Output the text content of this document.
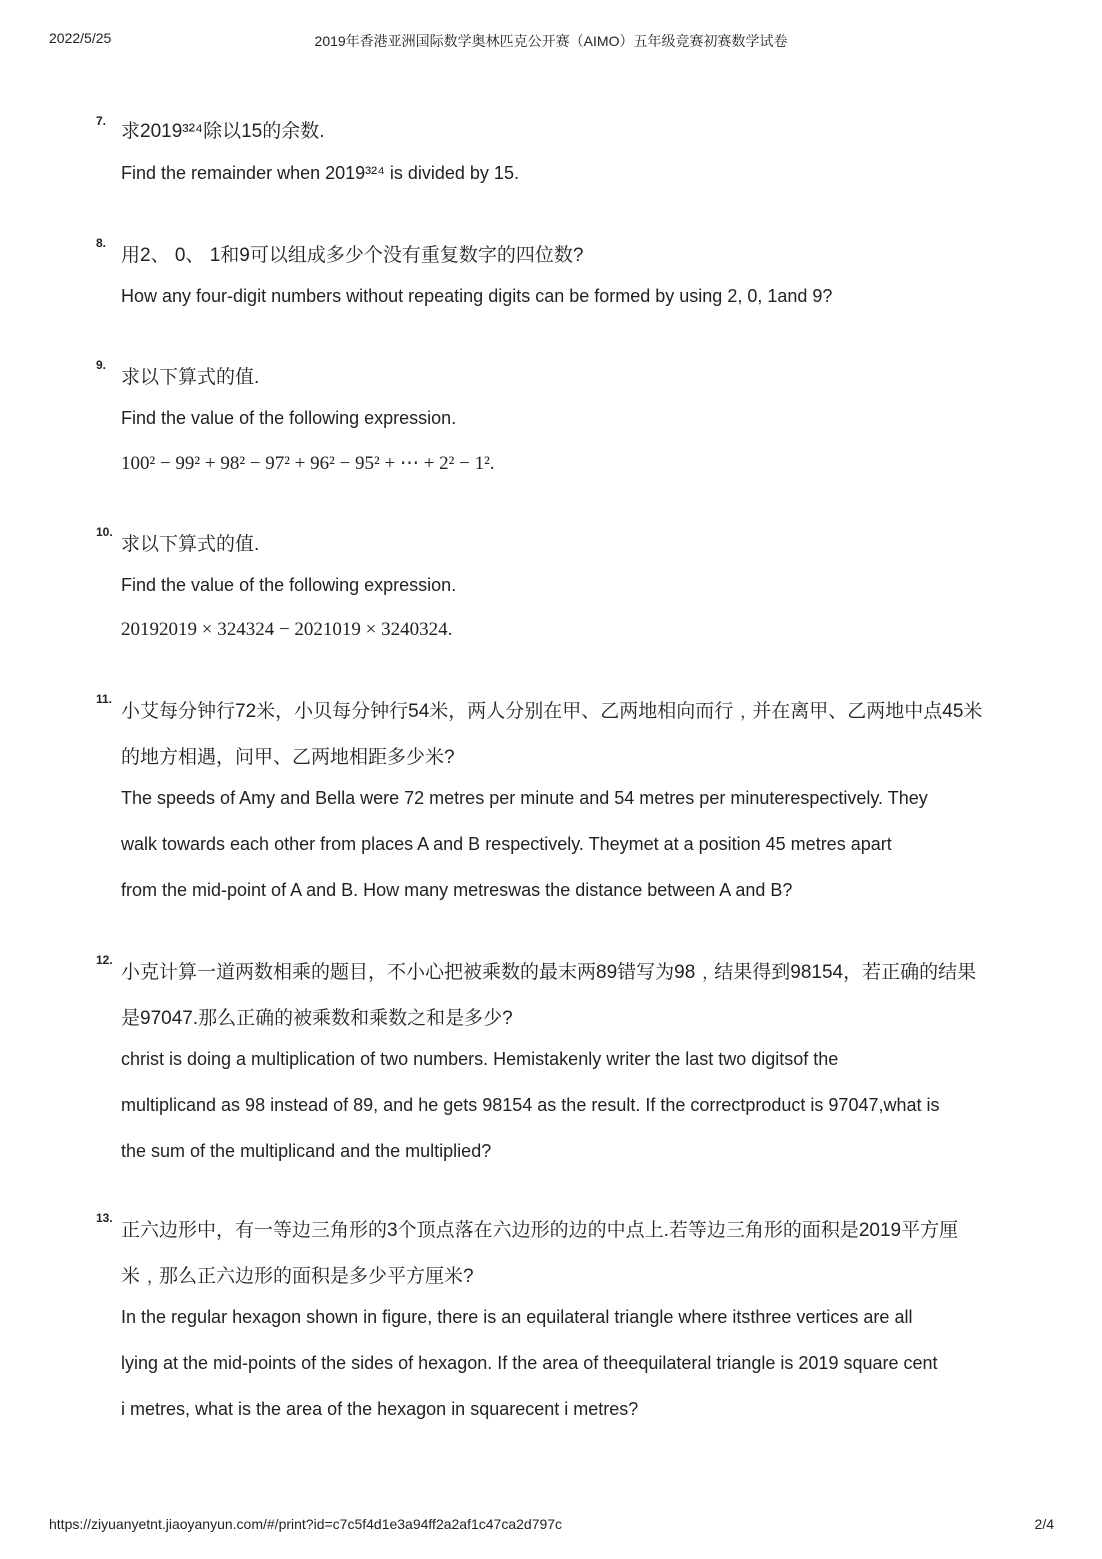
2022/5/25	2019年香港亚洲国际数学奥林匹克公开赛（AIMO）五年级竞赛初赛数学试卷
7. 求2019³²⁴除以15的余数.
Find the remainder when 2019³²⁴ is divided by 15.
8.
用2、 0、 1和9可以组成多少个没有重复数字的四位数?
How any four-digit numbers without repeating digits can be formed by using 2, 0, 1and 9?
9.
求以下算式的值.
Find the value of the following expression.
100² − 99² + 98² − 97² + 96² − 95² + ⋯ + 2² − 1².
10.
求以下算式的值.
Find the value of the following expression.
20192019 × 324324 − 2021019 × 3240324.
11.
小艾每分钟行72米，小贝每分钟行54米，两人分别在甲、乙两地相向而行﹐并在离甲、乙两地中点45米
的地方相遇，问甲、乙两地相距多少米?
The speeds of Amy and Bella were 72 metres per minute and 54 metres per minuterespectively. They
walk towards each other from places A and B respectively. Theymet at a position 45 metres apart
from the mid-point of A and B. How many metreswas the distance between A and B?
12.
小克计算一道两数相乘的题目，不小心把被乘数的最末两89错写为98﹐结果得到98154，若正确的结果
是97047.那么正确的被乘数和乘数之和是多少?
christ is doing a multiplication of two numbers. Hemistakenly writer the last two digitsof the
multiplicand as 98 instead of 89, and he gets 98154 as the result. If the correctproduct is 97047,what is
the sum of the multiplicand and the multiplied?
13.
正六边形中，有一等边三角形的3个顶点落在六边形的边的中点上.若等边三角形的面积是2019平方厘
米﹐那么正六边形的面积是多少平方厘米?
In the regular hexagon shown in figure, there is an equilateral triangle where itsthree vertices are all
lying at the mid-points of the sides of hexagon. If the area of theequilateral triangle is 2019 square cent
i metres, what is the area of the hexagon in squarecent i metres?
https://ziyuanyetnt.jiaoyanyun.com/#/print?id=c7c5f4d1e3a94ff2a2af1c47ca2d797c	2/4
